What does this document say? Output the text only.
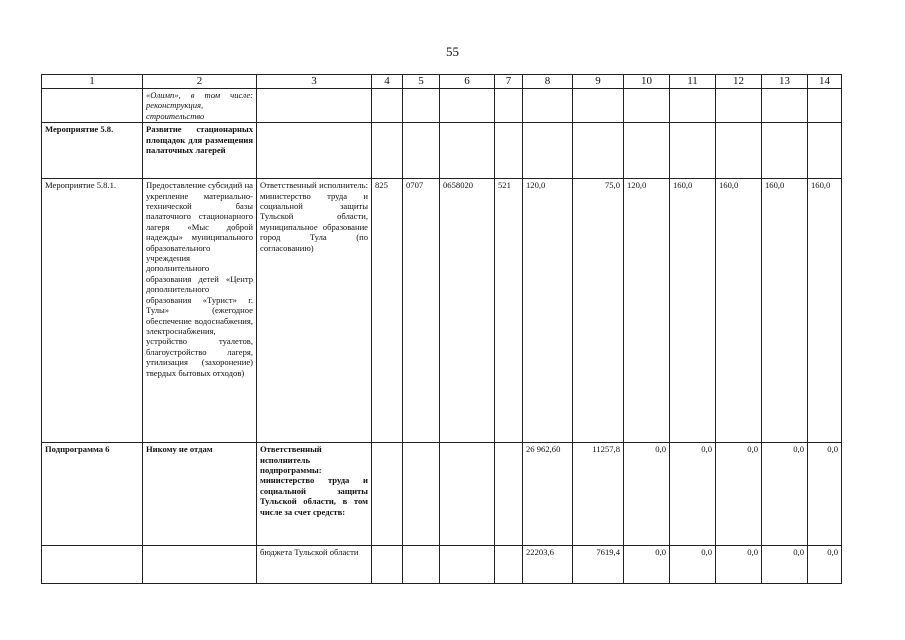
55
1	2	3	4	5	6	7	8	9	10	11	12	13	14
	«Олимп», в том числе: реконструкция, строительство												
Мероприятие 5.8.	Развитие стационарных площадок для размещения палаточных лагерей												
Мероприятие 5.8.1.	Предоставление субсидий на укрепление материально-технической базы палаточного стационарного лагеря «Мыс доброй надежды» муниципального образовательного учреждения дополнительного образования детей «Центр дополнительного образования «Турист» г. Тулы» (ежегодное обеспечение водоснабжения, электроснабжения, устройство туалетов, благоустройство лагеря, утилизация (захоронение) твердых бытовых отходов)	Ответственный исполнитель: министерство труда и социальной защиты Тульской области, муниципальное образование город Тула (по согласованию)	825	0707	0658020	521	120,0	75,0	120,0	160,0	160,0	160,0	160,0
Подпрограмма 6	Никому не отдам	Ответственный исполнитель подпрограммы: министерство труда и социальной защиты Тульской области, в том числе за счет средств:					26 962,60	11257,8	0,0	0,0	0,0	0,0	0,0
		бюджета Тульской области					22203,6	7619,4	0,0	0,0	0,0	0,0	0,0
